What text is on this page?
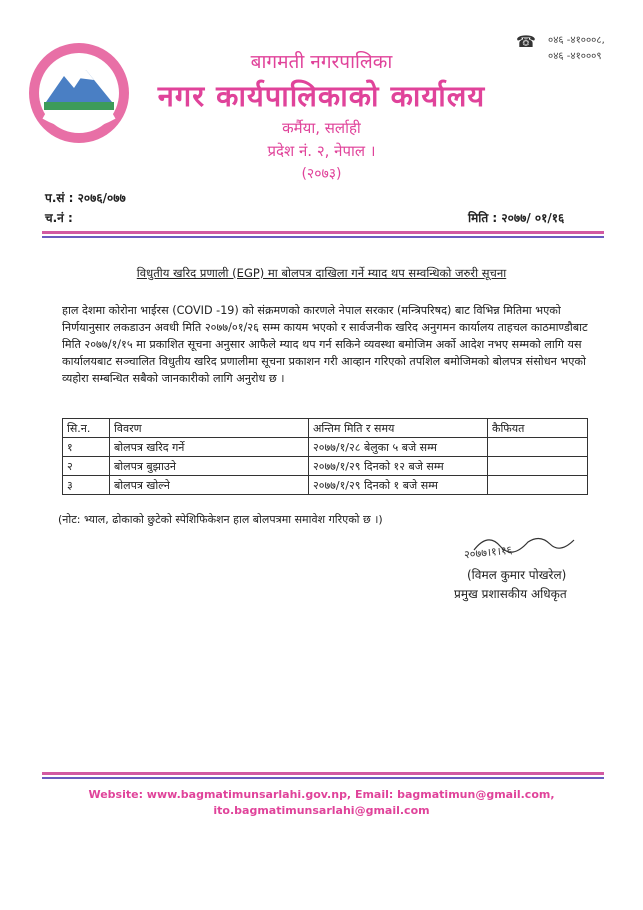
☎ ०४६ -४१०००८,
०४६ -४१०००९
बागमती नगरपालिका
नगर कार्यपालिकाको कार्यालय
कर्मैया, सर्लाही
प्रदेश नं. २, नेपाल ।
(२०७३)
प.सं : २०७६/०७७
च.नं :	मिति : २०७७/ ०१/१६
विधुतीय खरिद प्रणाली (EGP) मा बोलपत्र दाखिला गर्ने म्याद थप सम्वन्धिको जरुरी सूचना
हाल देशमा कोरोना भाईरस (COVID -19) को संक्रमणको कारणले नेपाल सरकार (मन्त्रिपरिषद) बाट विभिन्न मितिमा भएको निर्णयानुसार लकडाउन अवधी मिति २०७७/०१/२६ सम्म कायम भएको र सार्वजनीक खरिद अनुगमन कार्यालय ताहचल काठमाण्डौबाट मिति २०७७/१/१५ मा प्रकाशित सूचना अनुसार आफैले म्याद थप गर्न सकिने व्यवस्था बमोजिम अर्को आदेश नभए सम्मको लागि यस कार्यालयबाट सञ्चालित विधुतीय खरिद प्रणालीमा सूचना प्रकाशन गरी आव्हान गरिएको तपशिल बमोजिमको बोलपत्र संसोधन भएको व्यहोरा सम्बन्धित सबैको जानकारीको लागि अनुरोध छ ।
सि.न.	विवरण	अन्तिम मिति र समय	कैफियत
१	बोलपत्र खरिद गर्ने	२०७७/१/२८ बेलुका ५ बजे सम्म	
२	बोलपत्र बुझाउने	२०७७/१/२९ दिनको १२ बजे सम्म	
३	बोलपत्र खोल्ने	२०७७/१/२९ दिनको १ बजे सम्म	
(नोट: भ्याल, ढोकाको छुटेको स्पेशिफिकेशन हाल बोलपत्रमा समावेश गरिएको छ ।)
२०७७।१।१६
(विमल कुमार पोखरेल)
प्रमुख प्रशासकीय अधिकृत
Website: www.bagmatimunsarlahi.gov.np, Email: bagmatimun@gmail.com,
ito.bagmatimunsarlahi@gmail.com
